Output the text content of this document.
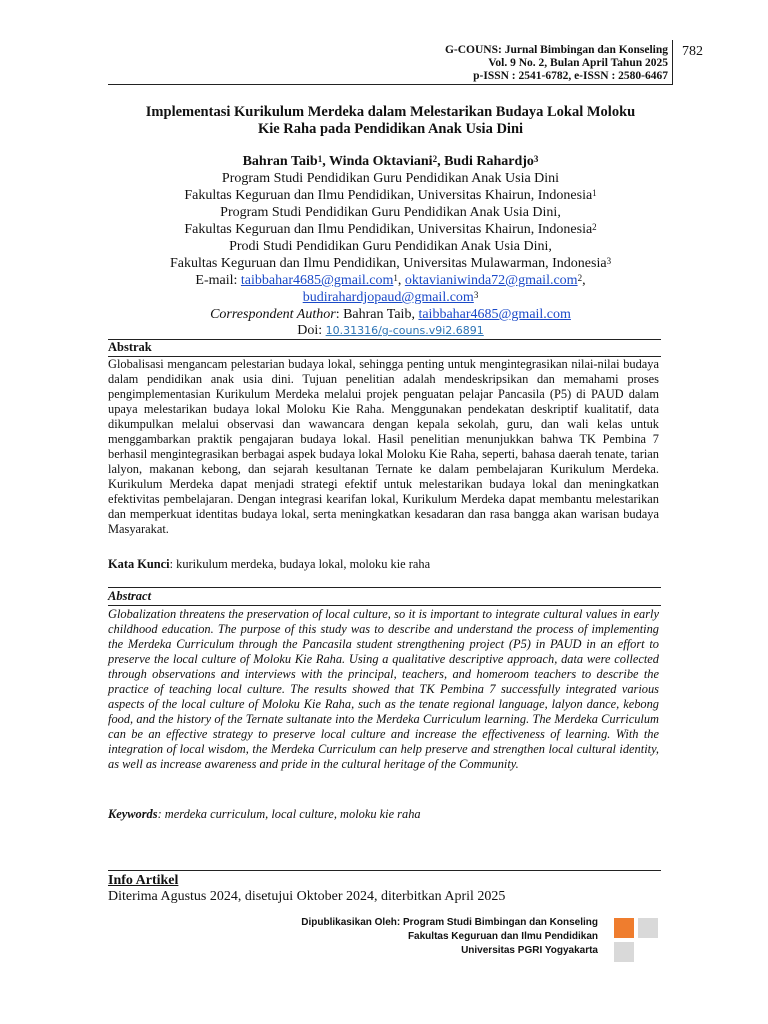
G-COUNS: Jurnal Bimbingan dan Konseling
Vol. 9 No. 2, Bulan April Tahun 2025
p-ISSN : 2541-6782, e-ISSN : 2580-6467
782
Implementasi Kurikulum Merdeka dalam Melestarikan Budaya Lokal Moloku
Kie Raha pada Pendidikan Anak Usia Dini
Bahran Taib$^1$, Winda Oktaviani$^2$, Budi Rahardjo$^3$
Program Studi Pendidikan Guru Pendidikan Anak Usia Dini
Fakultas Keguruan dan Ilmu Pendidikan, Universitas Khairun, Indonesia$^1$
Program Studi Pendidikan Guru Pendidikan Anak Usia Dini,
Fakultas Keguruan dan Ilmu Pendidikan, Universitas Khairun, Indonesia$^2$
Prodi Studi Pendidikan Guru Pendidikan Anak Usia Dini,
Fakultas Keguruan dan Ilmu Pendidikan, Universitas Mulawarman, Indonesia$^3$
E-mail: taibbahar4685@gmail.com$^1$, oktavianiwinda72@gmail.com$^2$,
budirahardjopaud@gmail.com$^3$
Correspondent Author: Bahran Taib, taibbahar4685@gmail.com
Doi: 10.31316/g-couns.v9i2.6891
Abstrak
Globalisasi mengancam pelestarian budaya lokal, sehingga penting untuk mengintegrasikan nilai-nilai budaya dalam pendidikan anak usia dini. Tujuan penelitian adalah mendeskripsikan dan memahami proses pengimplementasian Kurikulum Merdeka melalui projek penguatan pelajar Pancasila (P5) di PAUD dalam upaya melestarikan budaya lokal Moloku Kie Raha. Menggunakan pendekatan deskriptif kualitatif, data dikumpulkan melalui observasi dan wawancara dengan kepala sekolah, guru, dan wali kelas untuk menggambarkan praktik pengajaran budaya lokal. Hasil penelitian menunjukkan bahwa TK Pembina 7 berhasil mengintegrasikan berbagai aspek budaya lokal Moloku Kie Raha, seperti, bahasa daerah tenate, tarian lalyon, makanan kebong, dan sejarah kesultanan Ternate ke dalam pembelajaran Kurikulum Merdeka. Kurikulum Merdeka dapat menjadi strategi efektif untuk melestarikan budaya lokal dan meningkatkan efektivitas pembelajaran. Dengan integrasi kearifan lokal, Kurikulum Merdeka dapat membantu melestarikan dan memperkuat identitas budaya lokal, serta meningkatkan kesadaran dan rasa bangga akan warisan budaya Masyarakat.
Kata Kunci: kurikulum merdeka, budaya lokal, moloku kie raha
Abstract
Globalization threatens the preservation of local culture, so it is important to integrate cultural values in early childhood education. The purpose of this study was to describe and understand the process of implementing the Merdeka Curriculum through the Pancasila student strengthening project (P5) in PAUD in an effort to preserve the local culture of Moloku Kie Raha. Using a qualitative descriptive approach, data were collected through observations and interviews with the principal, teachers, and homeroom teachers to describe the practice of teaching local culture. The results showed that TK Pembina 7 successfully integrated various aspects of the local culture of Moloku Kie Raha, such as the tenate regional language, lalyon dance, kebong food, and the history of the Ternate sultanate into the Merdeka Curriculum learning. The Merdeka Curriculum can be an effective strategy to preserve local culture and increase the effectiveness of learning. With the integration of local wisdom, the Merdeka Curriculum can help preserve and strengthen local cultural identity, as well as increase awareness and pride in the cultural heritage of the Community.
Keywords: merdeka curriculum, local culture, moloku kie raha
Info Artikel
Diterima Agustus 2024, disetujui Oktober 2024, diterbitkan April 2025
Dipublikasikan Oleh: Program Studi Bimbingan dan Konseling
Fakultas Keguruan dan Ilmu Pendidikan
Universitas PGRI Yogyakarta
